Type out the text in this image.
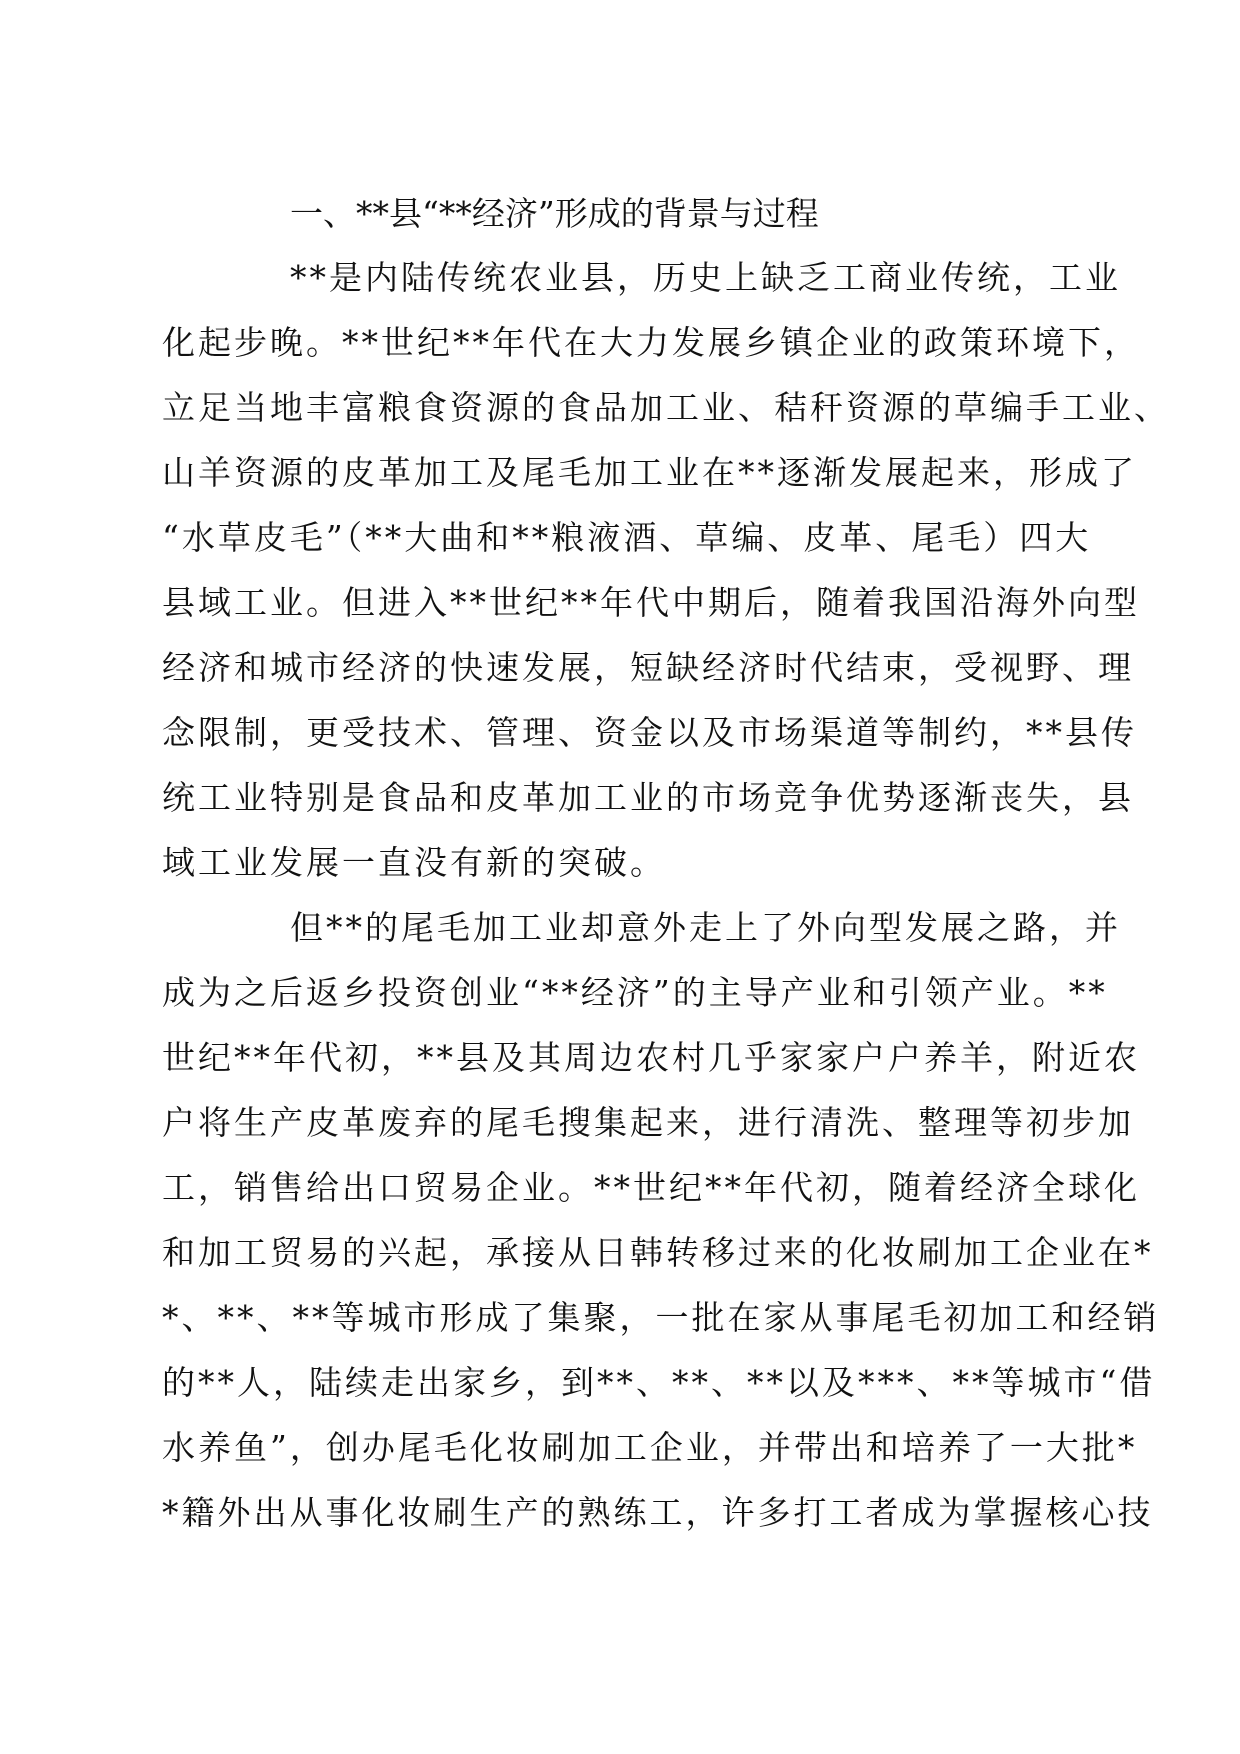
一、**县“**经济”形成的背景与过程
**是内陆传统农业县，历史上缺乏工商业传统，工业
化起步晚。**世纪**年代在大力发展乡镇企业的政策环境下，
立足当地丰富粮食资源的食品加工业、秸秆资源的草编手工业、
山羊资源的皮革加工及尾毛加工业在**逐渐发展起来，形成了
“水草皮毛”（**大曲和**粮液酒、草编、皮革、尾毛）四大
县域工业。但进入**世纪**年代中期后，随着我国沿海外向型
经济和城市经济的快速发展，短缺经济时代结束，受视野、理
念限制，更受技术、管理、资金以及市场渠道等制约，**县传
统工业特别是食品和皮革加工业的市场竞争优势逐渐丧失，县
域工业发展一直没有新的突破。
但**的尾毛加工业却意外走上了外向型发展之路，并
成为之后返乡投资创业“**经济”的主导产业和引领产业。**
世纪**年代初，**县及其周边农村几乎家家户户养羊，附近农
户将生产皮革废弃的尾毛搜集起来，进行清洗、整理等初步加
工，销售给出口贸易企业。**世纪**年代初，随着经济全球化
和加工贸易的兴起，承接从日韩转移过来的化妆刷加工企业在*
*、**、**等城市形成了集聚，一批在家从事尾毛初加工和经销
的**人，陆续走出家乡，到**、**、**以及***、**等城市“借
水养鱼”，创办尾毛化妆刷加工企业，并带出和培养了一大批*
*籍外出从事化妆刷生产的熟练工，许多打工者成为掌握核心技
